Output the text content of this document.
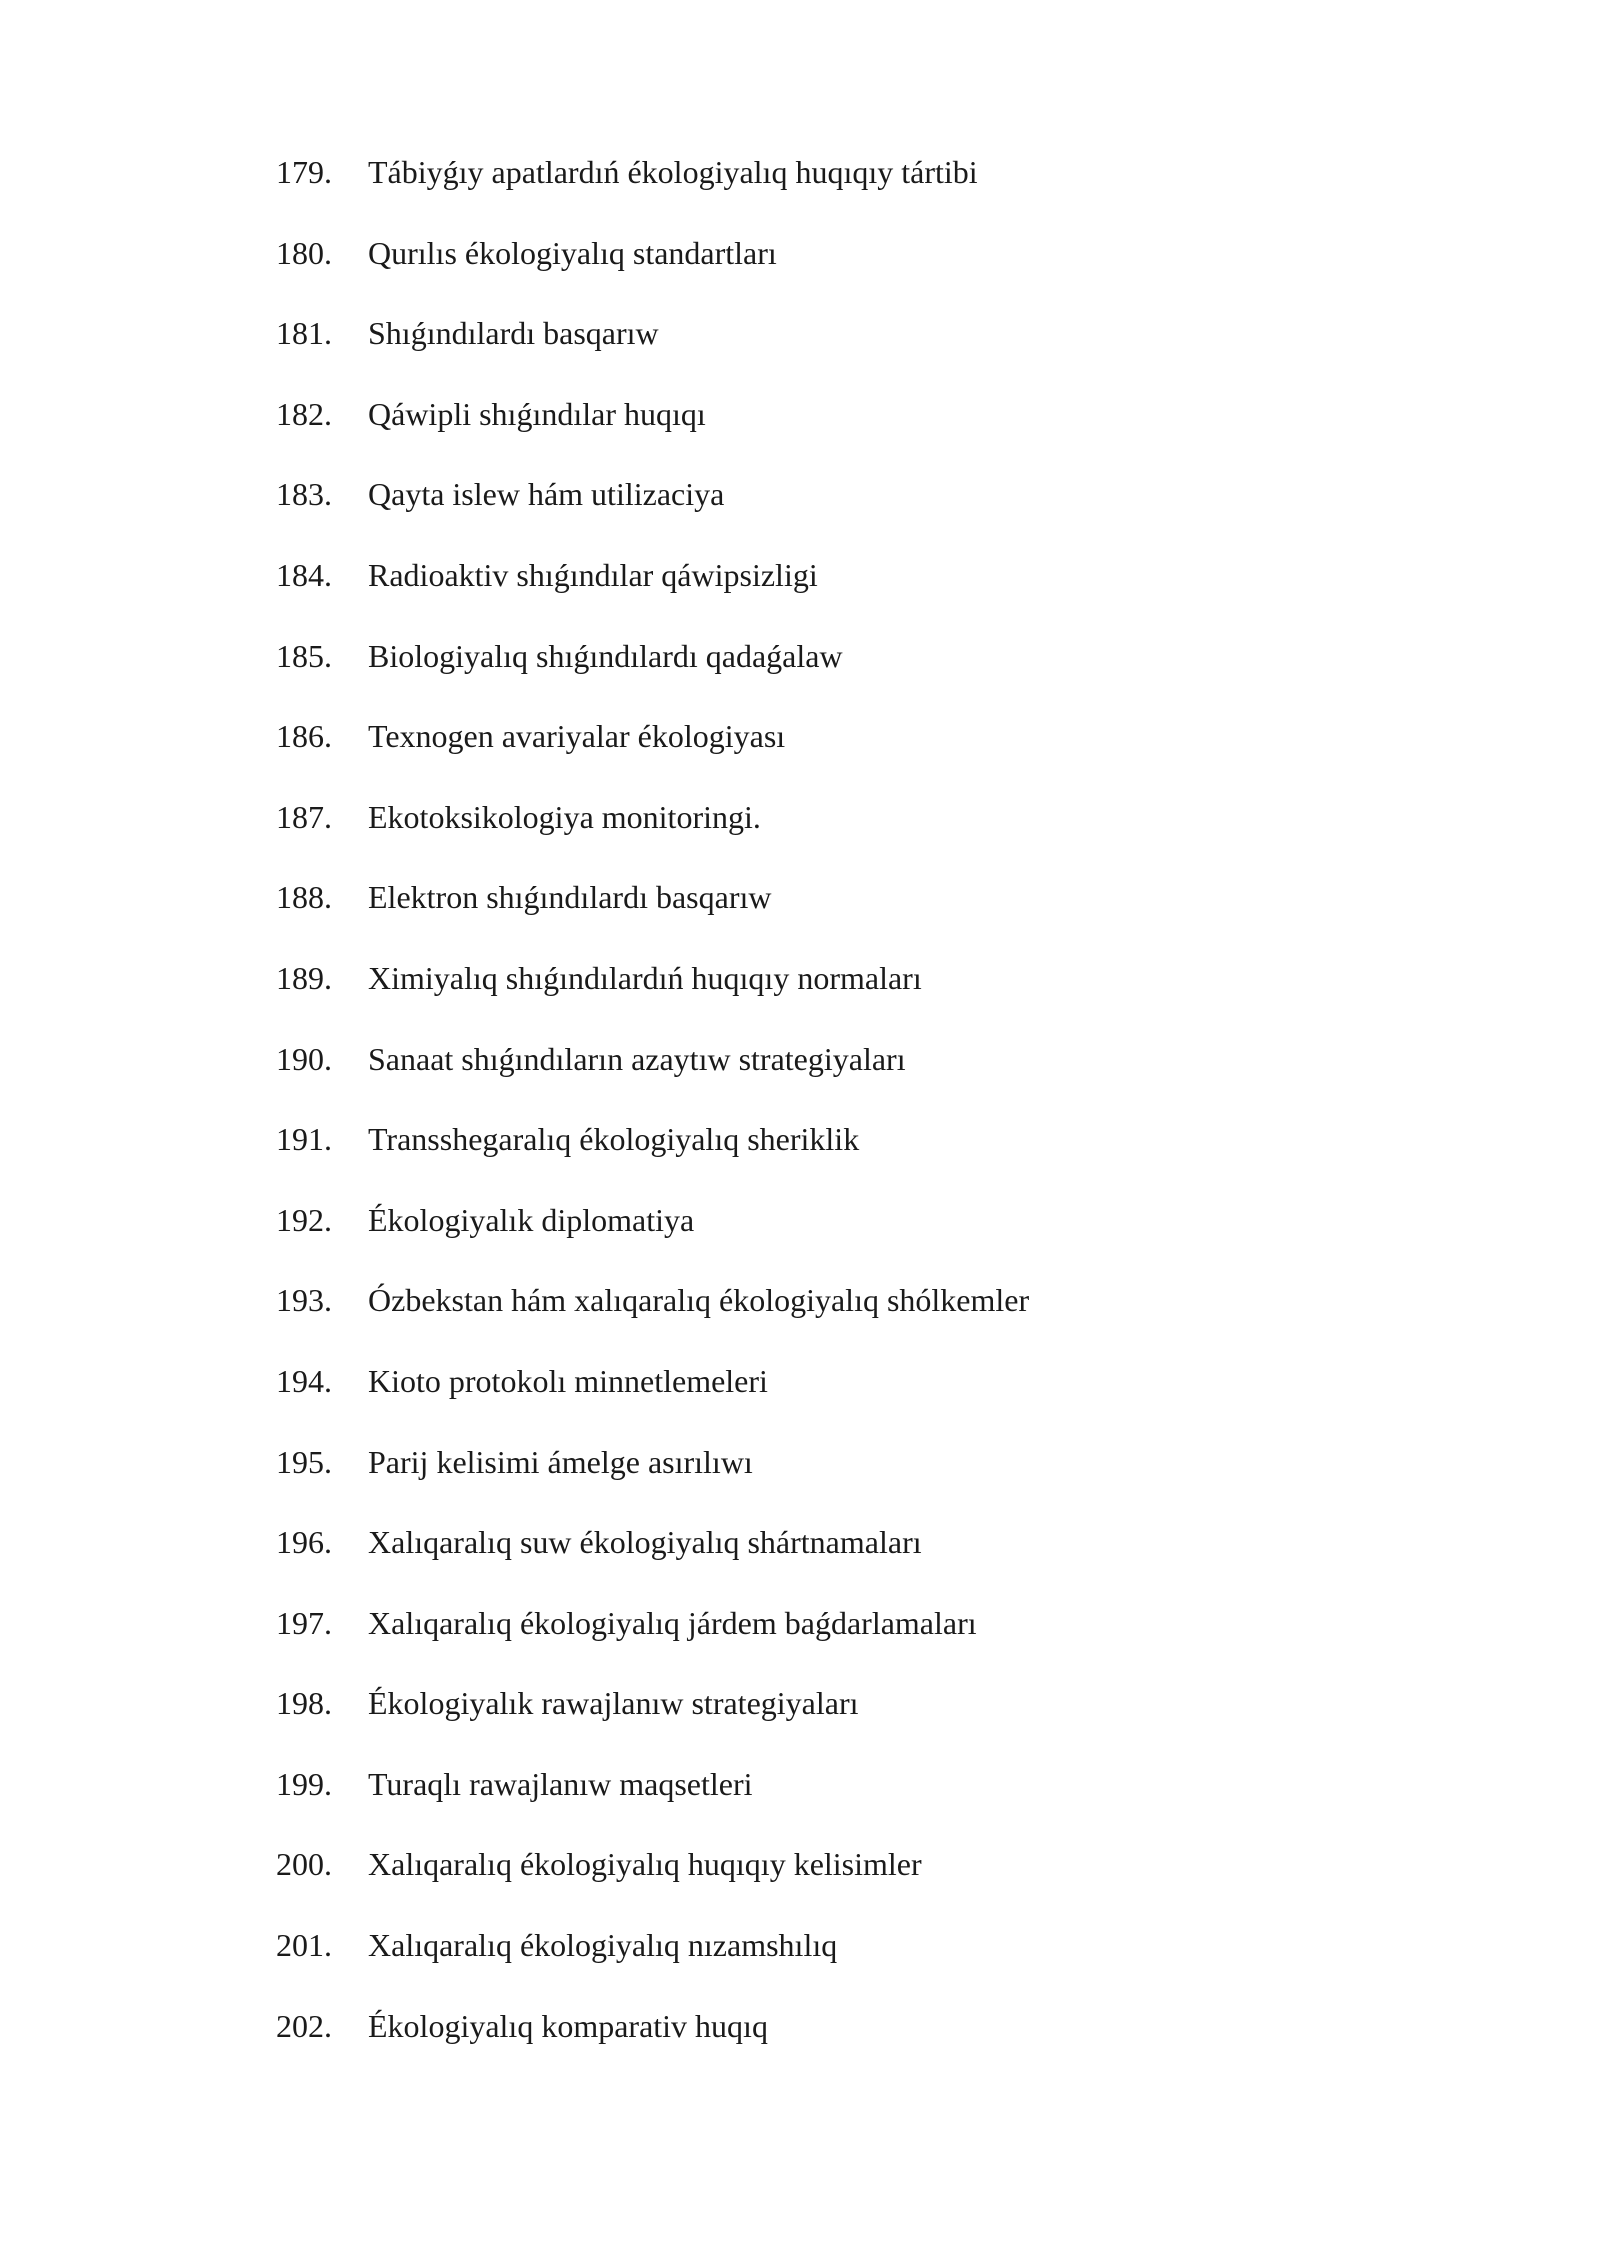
179.	Tábiyǵıy apatlardıń ékologiyalıq huqıqıy tártibi
180.	Qurılıs ékologiyalıq standartları
181.	Shıǵındılardı basqarıw
182.	Qáwipli shıǵındılar huqıqı
183.	Qayta islew hám utilizaciya
184.	Radioaktiv shıǵındılar qáwipsizligi
185.	Biologiyalıq shıǵındılardı qadaǵalaw
186.	Texnogen avariyalar ékologiyası
187.	Ekotoksikologiya monitoringi.
188.	Elektron shıǵındılardı basqarıw
189.	Ximiyalıq shıǵındılardıń huqıqıy normaları
190.	Sanaat shıǵındıların azaytıw strategiyaları
191.	Transshegaralıq ékologiyalıq sheriklik
192.	Ékologiyalık diplomatiya
193.	Ózbekstan hám xalıqaralıq ékologiyalıq shólkemler
194.	Kioto protokolı minnetlemeleri
195.	Parij kelisimi ámelge asırılıwı
196.	Xalıqaralıq suw ékologiyalıq shártnamaları
197.	Xalıqaralıq ékologiyalıq járdem baǵdarlamaları
198.	Ékologiyalık rawajlanıw strategiyaları
199.	Turaqlı rawajlanıw maqsetleri
200.	Xalıqaralıq ékologiyalıq huqıqıy kelisimler
201.	Xalıqaralıq ékologiyalıq nızamshılıq
202.	Ékologiyalıq komparativ huqıq
